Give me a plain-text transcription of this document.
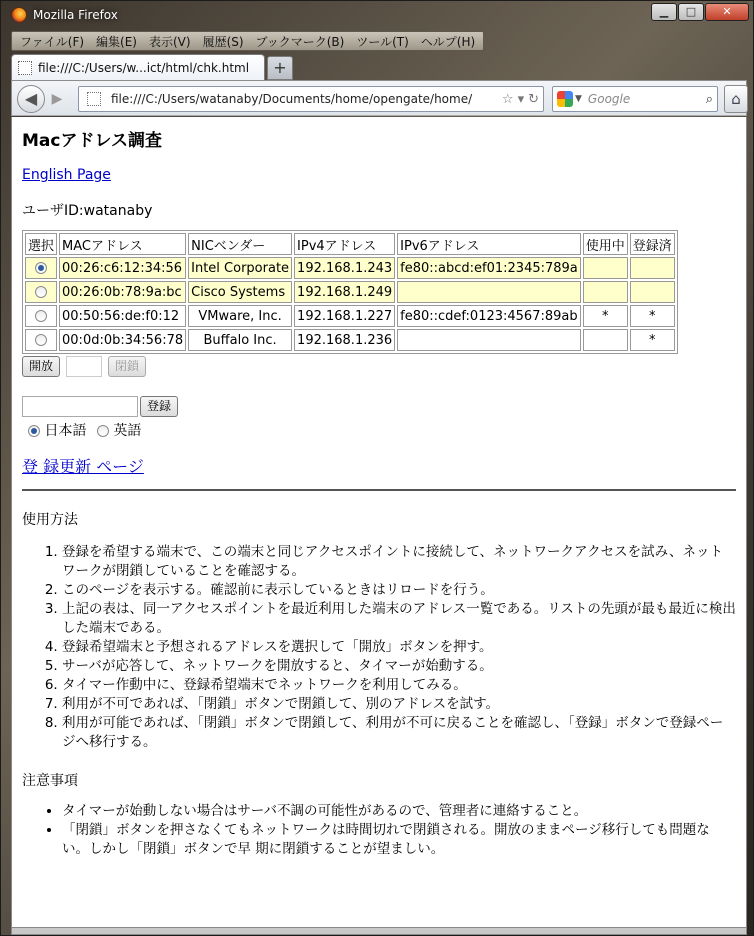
Mozilla Firefox	▁	□	✕
ファイル(F)	編集(E)	表示(V)	履歴(S)	ブックマーク(B)	ツール(T)	ヘルプ(H)
file:///C:/Users/w...ict/html/chk.html	+
◀	▶	file:///C:/Users/watanaby/Documents/home/opengate/home/	☆ ▾ ↻	▼ Google	⌕	⌂
Macアドレス調査
English Page
ユーザID:watanaby
選択	MACアドレス	NICベンダー	IPv4アドレス	IPv6アドレス	使用中	登録済
	00:26:c6:12:34:56	Intel Corporate	192.168.1.243	fe80::abcd:ef01:2345:789a		
	00:26:0b:78:9a:bc	Cisco Systems	192.168.1.249			
	00:50:56:de:f0:12	VMware, Inc.	192.168.1.227	fe80::cdef:0123:4567:89ab	*	*
	00:0d:0b:34:56:78	Buffalo Inc.	192.168.1.236			*
開放	閉鎖
登録
日本語 英語
登 録更新 ページ
使用方法
1. 登録を希望する端末で、この端末と同じアクセスポイントに接続して、ネットワークアクセスを試み、ネットワークが閉鎖していることを確認する。
2. このページを表示する。確認前に表示しているときはリロードを行う。
3. 上記の表は、同一アクセスポイントを最近利用した端末のアドレス一覧である。リストの先頭が最も最近に検出した端末である。
4. 登録希望端末と予想されるアドレスを選択して「開放」ボタンを押す。
5. サーバが応答して、ネットワークを開放すると、タイマーが始動する。
6. タイマー作動中に、登録希望端末でネットワークを利用してみる。
7. 利用が不可であれば、「閉鎖」ボタンで閉鎖して、別のアドレスを試す。
8. 利用が可能であれば、「閉鎖」ボタンで閉鎖して、利用が不可に戻ることを確認し、「登録」ボタンで登録ページへ移行する。
注意事項
• タイマーが始動しない場合はサーバ不調の可能性があるので、管理者に連絡すること。
• 「閉鎖」ボタンを押さなくてもネットワークは時間切れで閉鎖される。開放のままページ移行しても問題ない。しかし「閉鎖」ボタンで早 期に閉鎖することが望ましい。
